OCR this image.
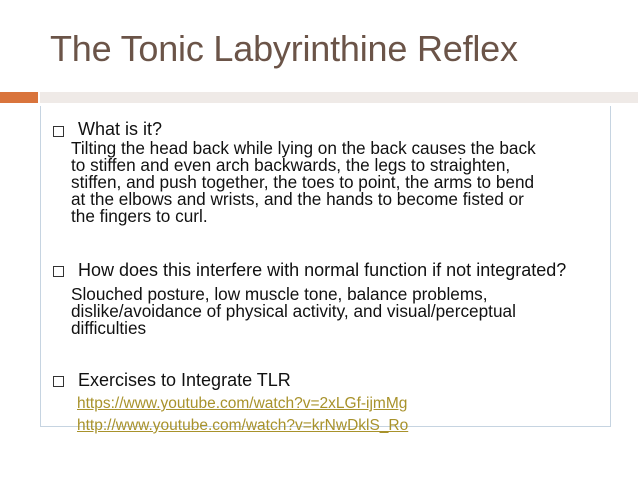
The Tonic Labyrinthine Reflex
What is it?
Tilting the head back while lying on the back causes the back
to stiffen and even arch backwards, the legs to straighten,
stiffen, and push together, the toes to point, the arms to bend
at the elbows and wrists, and the hands to become fisted or
the fingers to curl.
How does this interfere with normal function if not integrated?
Slouched posture, low muscle tone, balance problems,
dislike/avoidance of physical activity, and visual/perceptual
difficulties
Exercises to Integrate TLR
https://www.youtube.com/watch?v=2xLGf-ijmMg
http://www.youtube.com/watch?v=krNwDklS_Ro
